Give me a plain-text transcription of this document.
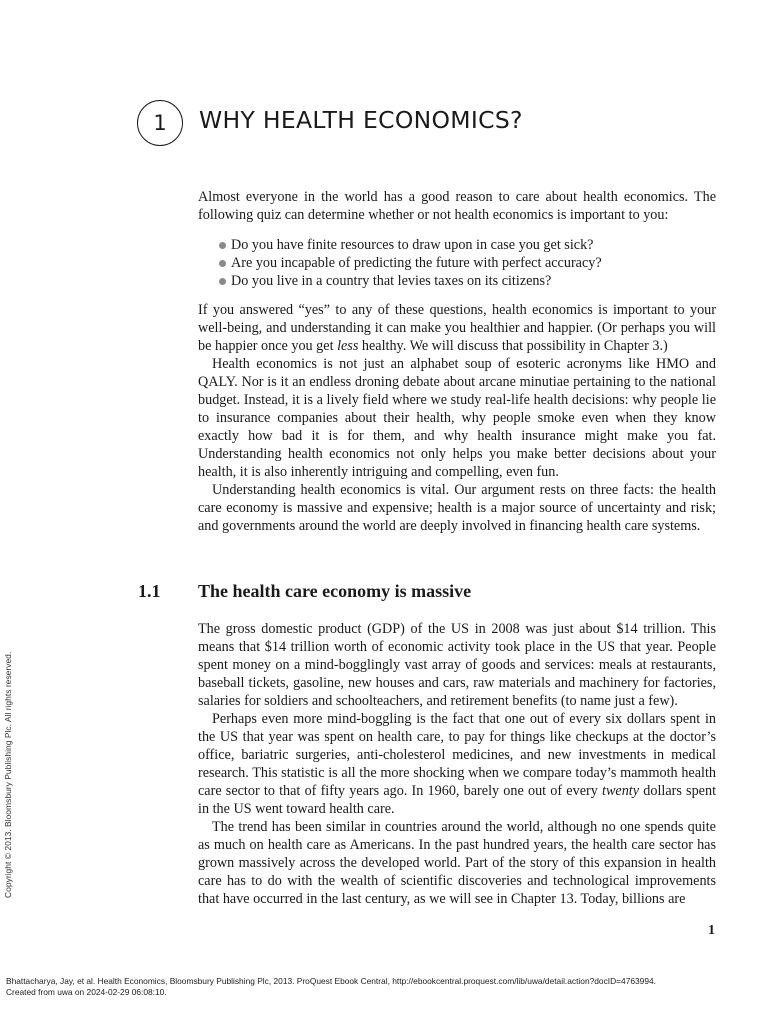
1	WHY HEALTH ECONOMICS?

Almost everyone in the world has a good reason to care about health economics. The following quiz can determine whether or not health economics is important to you:

Do you have finite resources to draw upon in case you get sick?
Are you incapable of predicting the future with perfect accuracy?
Do you live in a country that levies taxes on its citizens?

If you answered “yes” to any of these questions, health economics is important to your well-being, and understanding it can make you healthier and happier. (Or perhaps you will be happier once you get less healthy. We will discuss that possibility in Chapter 3.)

Health economics is not just an alphabet soup of esoteric acronyms like HMO and QALY. Nor is it an endless droning debate about arcane minutiae pertaining to the national budget. Instead, it is a lively field where we study real-life health decisions: why people lie to insurance companies about their health, why people smoke even when they know exactly how bad it is for them, and why health insurance might make you fat. Understanding health economics not only helps you make better decisions about your health, it is also inherently intriguing and compelling, even fun.

Understanding health economics is vital. Our argument rests on three facts: the health care economy is massive and expensive; health is a major source of uncertainty and risk; and governments around the world are deeply involved in financing health care systems.

1.1	The health care economy is massive

The gross domestic product (GDP) of the US in 2008 was just about $14 trillion. This means that $14 trillion worth of economic activity took place in the US that year. People spent money on a mind-bogglingly vast array of goods and services: meals at restaurants, baseball tickets, gasoline, new houses and cars, raw materials and machinery for factories, salaries for soldiers and schoolteachers, and retirement benefits (to name just a few).

Perhaps even more mind-boggling is the fact that one out of every six dollars spent in the US that year was spent on health care, to pay for things like checkups at the doctor’s office, bariatric surgeries, anti-cholesterol medicines, and new investments in medical research. This statistic is all the more shocking when we compare today’s mammoth health care sector to that of fifty years ago. In 1960, barely one out of every twenty dollars spent in the US went toward health care.

The trend has been similar in countries around the world, although no one spends quite as much on health care as Americans. In the past hundred years, the health care sector has grown massively across the developed world. Part of the story of this expansion in health care has to do with the wealth of scientific discoveries and technological improvements that have occurred in the last century, as we will see in Chapter 13. Today, billions are

1
Copyright © 2013. Bloomsbury Publishing Plc. All rights reserved.
Bhattacharya, Jay, et al. Health Economics, Bloomsbury Publishing Plc, 2013. ProQuest Ebook Central, http://ebookcentral.proquest.com/lib/uwa/detail.action?docID=4763994.
Created from uwa on 2024-02-29 06:08:10.
